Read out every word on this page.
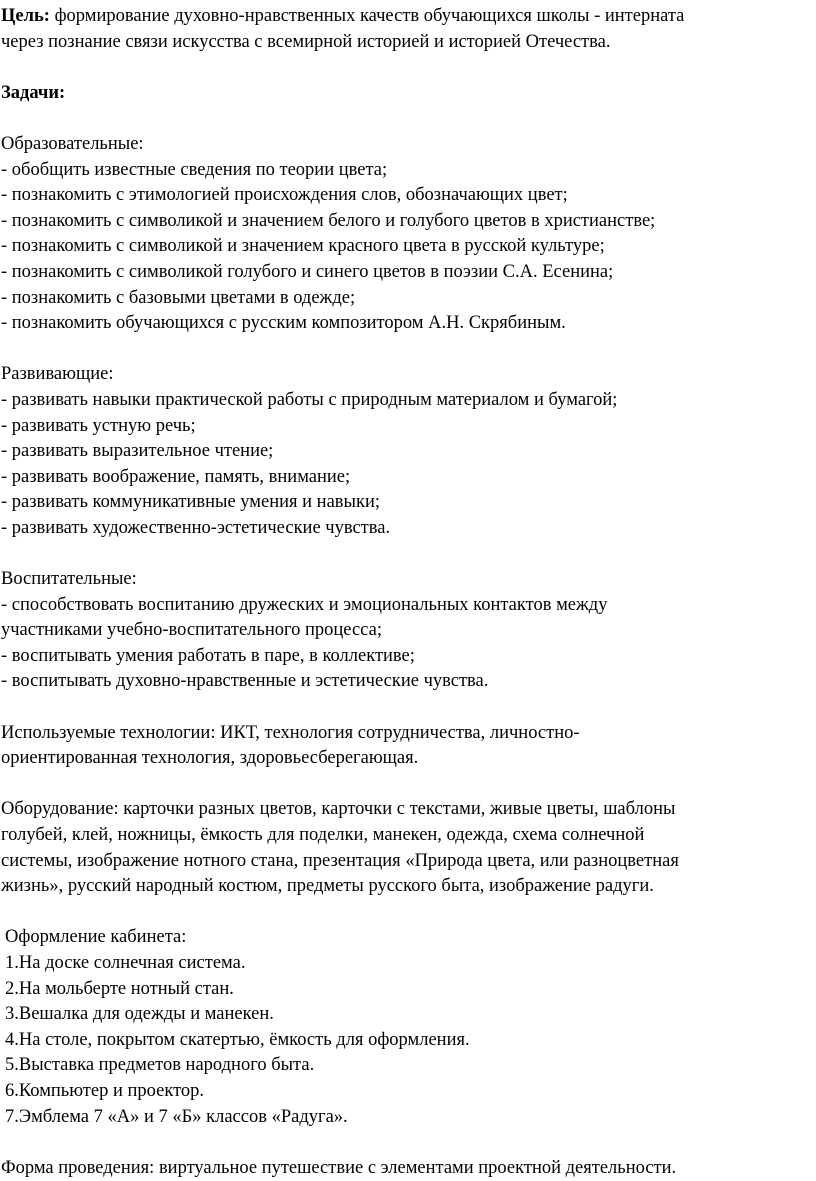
Цель: формирование духовно-нравственных качеств обучающихся школы - интерната
через познание связи искусства с всемирной историей и историей Отечества.
Задачи:
Образовательные:
- обобщить известные сведения по теории цвета;
- познакомить с этимологией происхождения слов, обозначающих цвет;
- познакомить с символикой и значением белого и голубого цветов в христианстве;
- познакомить с символикой и значением красного цвета в русской культуре;
- познакомить с символикой голубого и синего цветов в поэзии С.А. Есенина;
- познакомить с базовыми цветами в одежде;
- познакомить обучающихся с русским композитором А.Н. Скрябиным.
Развивающие:
- развивать навыки практической работы с природным материалом и бумагой;
- развивать устную речь;
- развивать выразительное чтение;
- развивать воображение, память, внимание;
- развивать коммуникативные умения и навыки;
- развивать художественно-эстетические чувства.
Воспитательные:
- способствовать воспитанию дружеских и эмоциональных контактов между
участниками учебно-воспитательного процесса;
- воспитывать умения работать в паре, в коллективе;
- воспитывать духовно-нравственные и эстетические чувства.
Используемые технологии: ИКТ, технология сотрудничества, личностно-
ориентированная технология, здоровьесберегающая.
Оборудование: карточки разных цветов, карточки с текстами, живые цветы, шаблоны
голубей, клей, ножницы, ёмкость для поделки, манекен, одежда, схема солнечной
системы, изображение нотного стана, презентация «Природа цвета, или разноцветная
жизнь», русский народный костюм, предметы русского быта, изображение радуги.
Оформление кабинета:
1.На доске солнечная система.
2.На мольберте нотный стан.
3.Вешалка для одежды и манекен.
4.На столе, покрытом скатертью, ёмкость для оформления.
5.Выставка предметов народного быта.
6.Компьютер и проектор.
7.Эмблема 7 «А» и 7 «Б» классов «Радуга».
Форма проведения: виртуальное путешествие с элементами проектной деятельности.
